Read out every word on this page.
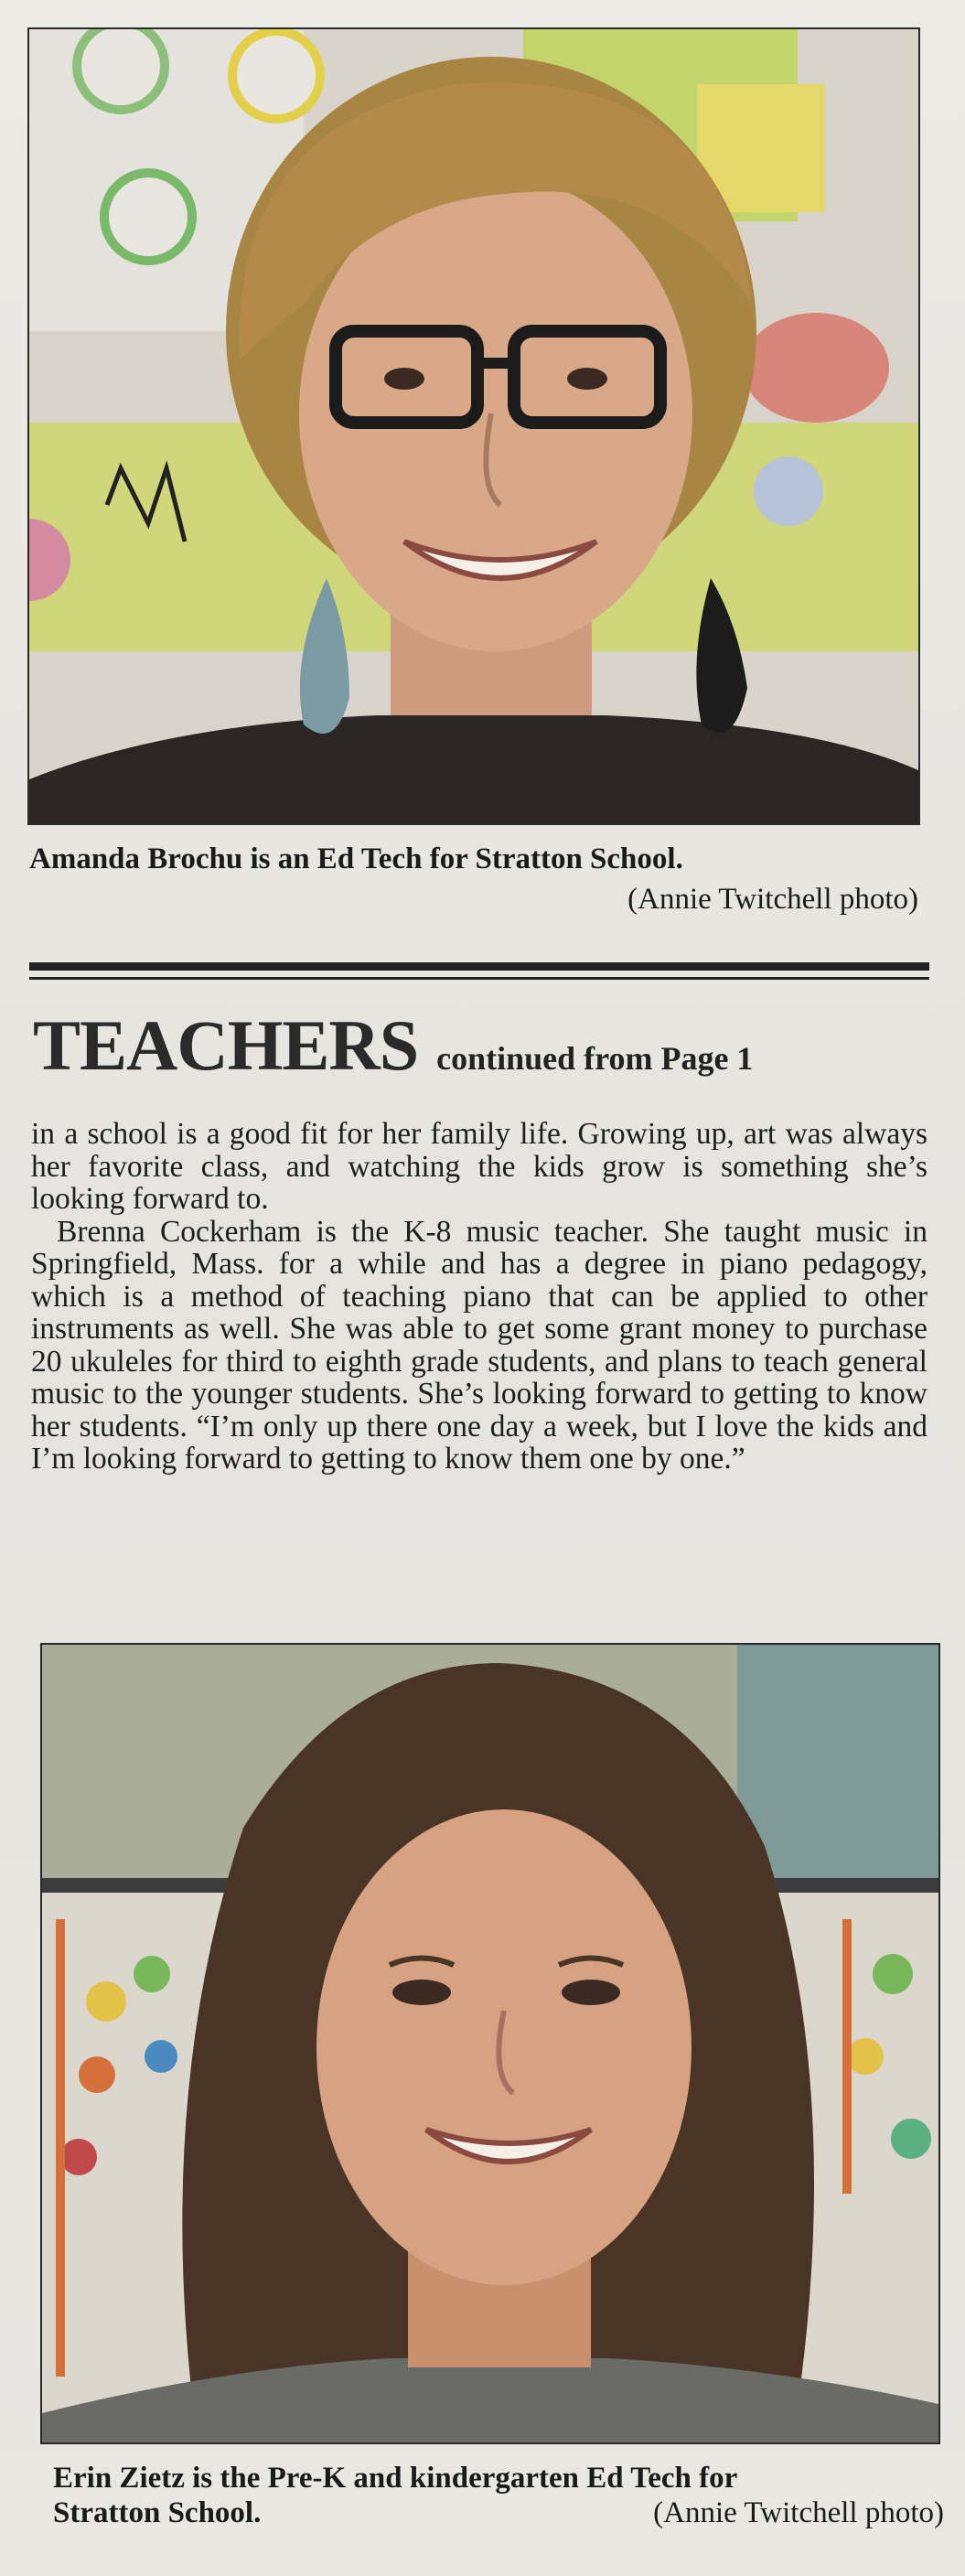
Amanda Brochu is an Ed Tech for Stratton School.
(Annie Twitchell photo)
TEACHERS continued from Page 1

in a school is a good fit for her family life. Growing up, art was always her favorite class, and watching the kids grow is something she’s looking forward to.

Brenna Cockerham is the K-8 music teacher. She taught music in Springfield, Mass. for a while and has a degree in piano pedagogy, which is a method of teaching piano that can be applied to other instruments as well. She was able to get some grant money to purchase 20 ukuleles for third to eighth grade students, and plans to teach general music to the younger students. She’s looking forward to getting to know her students. “I’m only up there one day a week, but I love the kids and I’m looking forward to getting to know them one by one.”

Erin Zietz is the Pre-K and kindergarten Ed Tech for
Stratton School.	(Annie Twitchell photo)
